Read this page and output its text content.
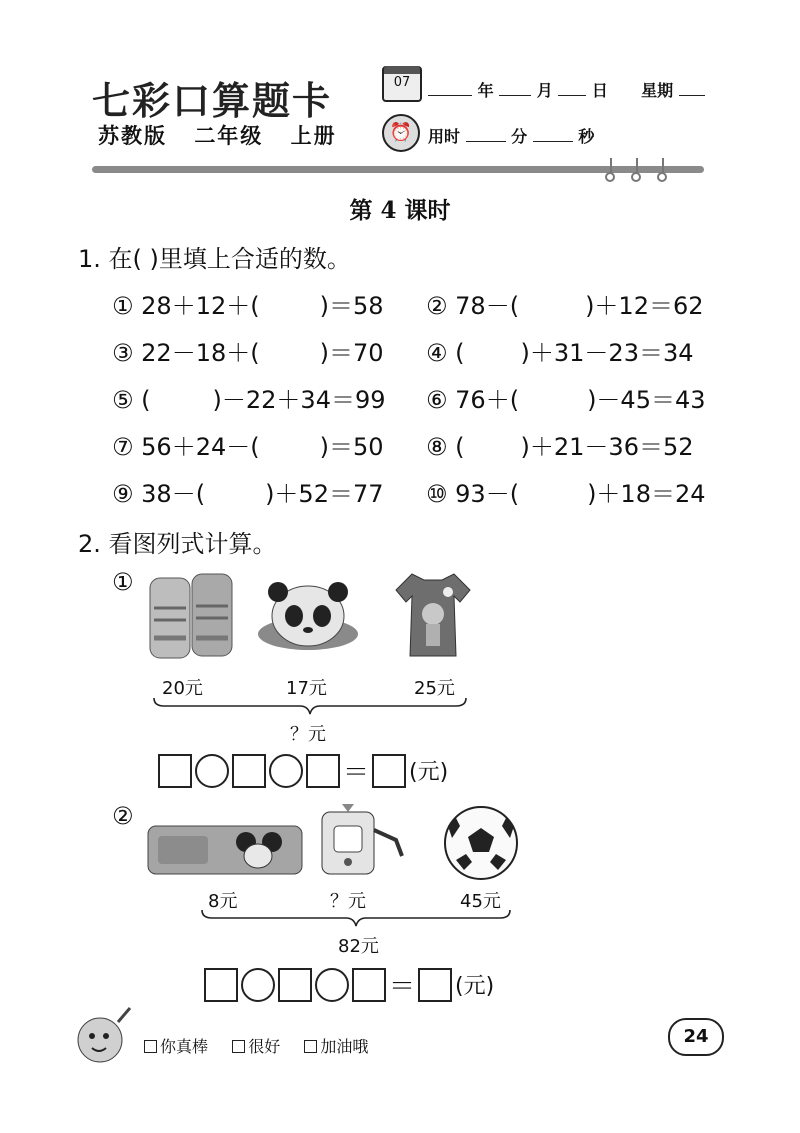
七彩口算题卡
苏教版 二年级 上册
07
⏰
年	月 日 星期
用时	分	秒
第 4 课时
1. 在( )里填上合适的数。
① 28＋12＋(	)＝58 ② 78－(	)＋12＝62
③ 22－18＋(	)＝70 ④ ( )＋31－23＝34
⑤ (	)－22＋34＝99 ⑥ 76＋(	)－45＝43
⑦ 56＋24－(	)＝50 ⑧ ( )＋21－36＝52
⑨ 38－(	)＋52＝77 ⑩ 93－(	)＋18＝24
2. 看图列式计算。
①
20元	17元	25元
？元
＝ (元)
②
8元	？元	45元
82元
＝ (元)
你真棒	很好	加油哦	24
